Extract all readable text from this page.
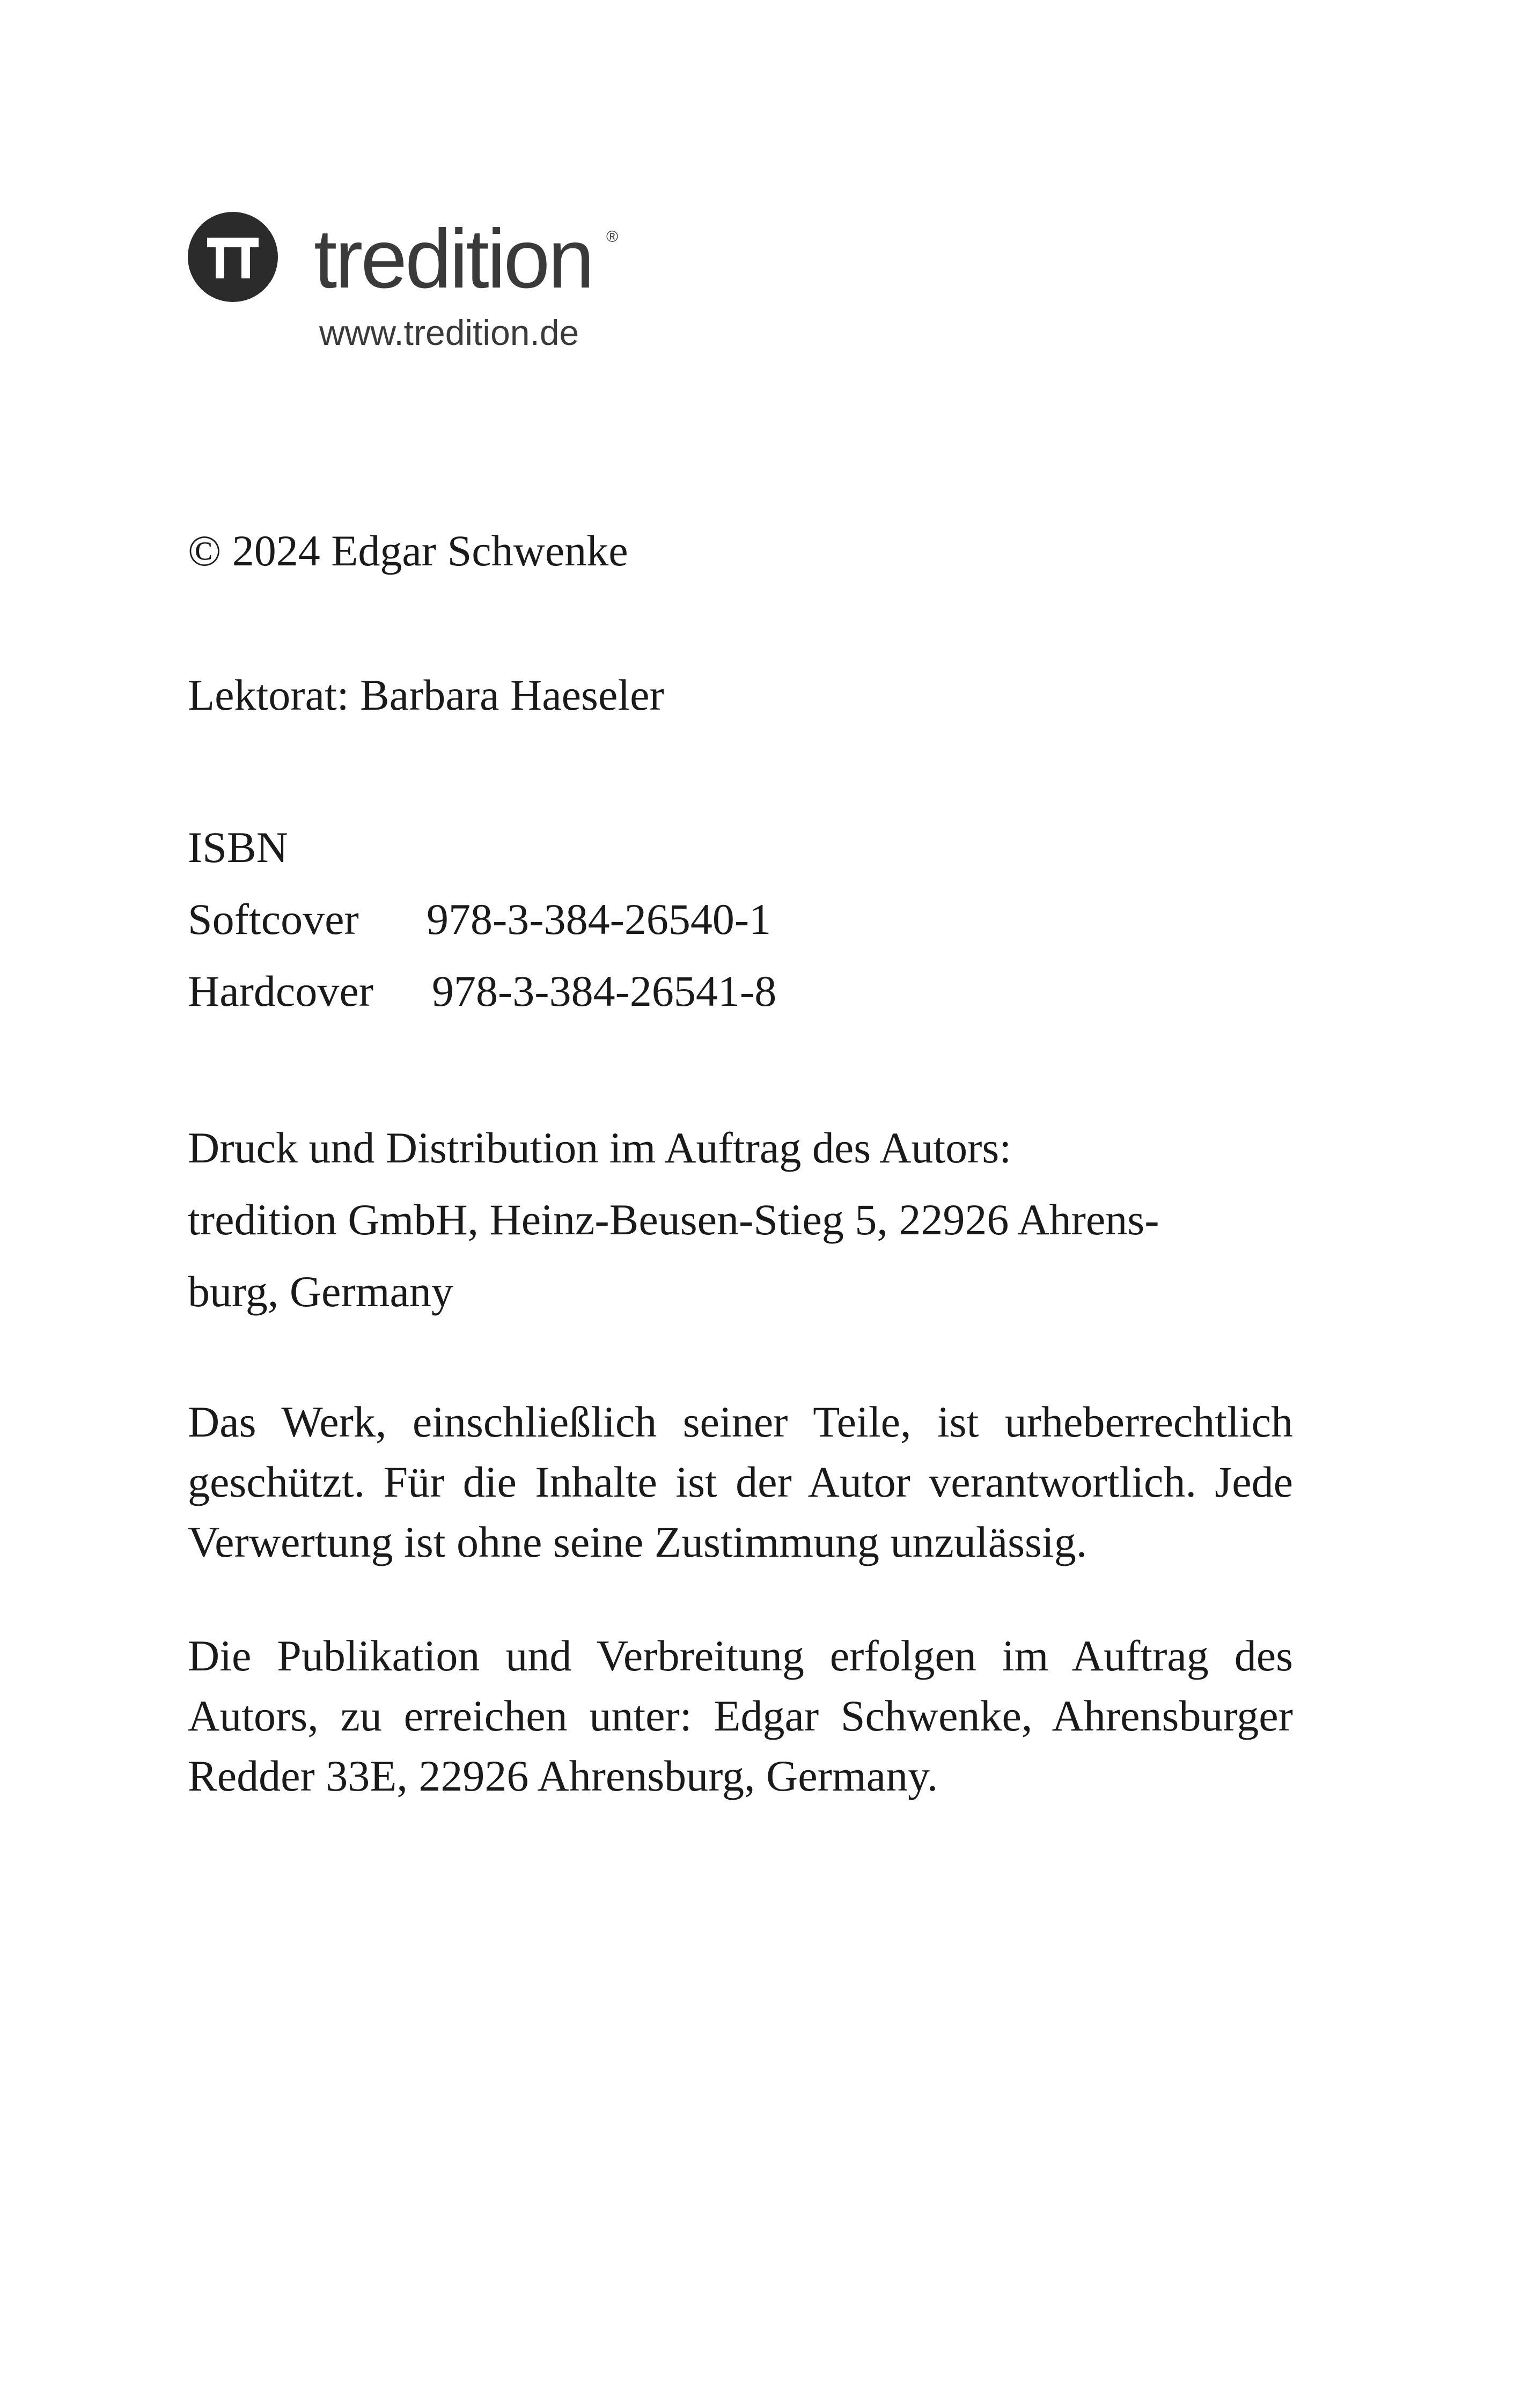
tredition ®
www.tredition.de
© 2024 Edgar Schwenke
Lektorat: Barbara Haeseler
ISBN
Softcover	978-3-384-26540-1
Hardcover	978-3-384-26541-8
Druck und Distribution im Auftrag des Autors:
tredition GmbH, Heinz-Beusen-Stieg 5, 22926 Ahrens-
burg, Germany

Das Werk, einschließlich seiner Teile, ist urheberrechtlich geschützt. Für die Inhalte ist der Autor verantwortlich. Jede Verwertung ist ohne seine Zustimmung unzulässig.

Die Publikation und Verbreitung erfolgen im Auftrag des Autors, zu erreichen unter: Edgar Schwenke, Ahrensburger Redder 33E, 22926 Ahrensburg, Germany.
